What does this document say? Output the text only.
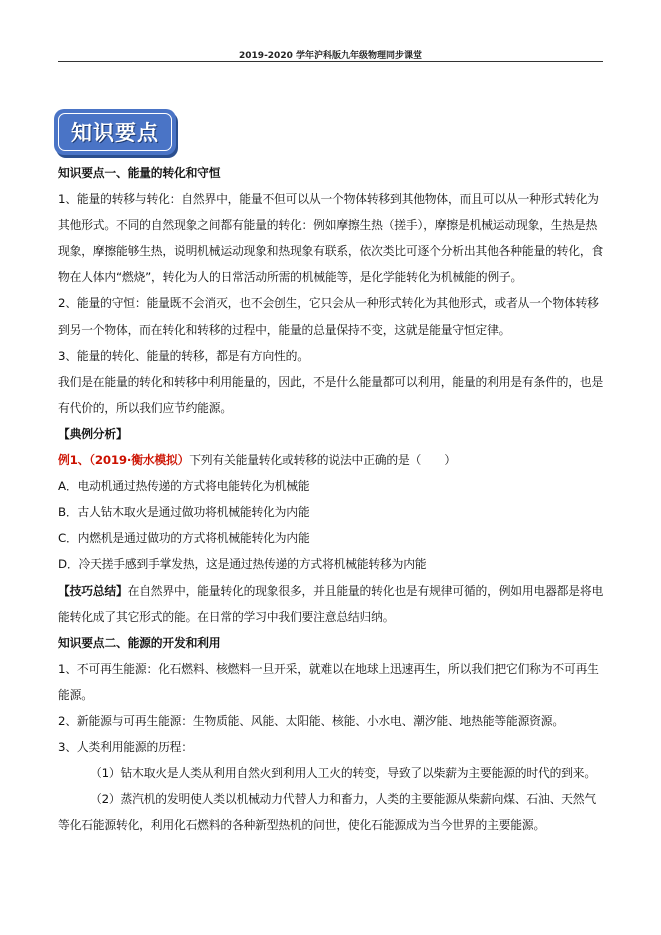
2019-2020 学年沪科版九年级物理同步课堂
知识要点

知识要点一、能量的转化和守恒

1、能量的转移与转化：自然界中，能量不但可以从一个物体转移到其他物体，而且可以从一种形式转化为其他形式。不同的自然现象之间都有能量的转化：例如摩擦生热（搓手），摩擦是机械运动现象，生热是热现象，摩擦能够生热，说明机械运动现象和热现象有联系，依次类比可逐个分析出其他各种能量的转化，食物在人体内“燃烧”，转化为人的日常活动所需的机械能等，是化学能转化为机械能的例子。

2、能量的守恒：能量既不会消灭，也不会创生，它只会从一种形式转化为其他形式，或者从一个物体转移到另一个物体，而在转化和转移的过程中，能量的总量保持不变，这就是能量守恒定律。

3、能量的转化、能量的转移，都是有方向性的。

我们是在能量的转化和转移中利用能量的，因此，不是什么能量都可以利用，能量的利用是有条件的，也是有代价的，所以我们应节约能源。

【典例分析】

例1、（2019·衡水模拟）下列有关能量转化或转移的说法中正确的是（　　）

A．电动机通过热传递的方式将电能转化为机械能

B．古人钻木取火是通过做功将机械能转化为内能

C．内燃机是通过做功的方式将机械能转化为内能

D．冷天搓手感到手掌发热，这是通过热传递的方式将机械能转移为内能

【技巧总结】在自然界中，能量转化的现象很多，并且能量的转化也是有规律可循的，例如用电器都是将电能转化成了其它形式的能。在日常的学习中我们要注意总结归纳。

知识要点二、能源的开发和利用

1、不可再生能源：化石燃料、核燃料一旦开采，就难以在地球上迅速再生，所以我们把它们称为不可再生能源。

2、新能源与可再生能源：生物质能、风能、太阳能、核能、小水电、潮汐能、地热能等能源资源。

3、人类利用能源的历程：

（1）钻木取火是人类从利用自然火到利用人工火的转变，导致了以柴薪为主要能源的时代的到来。

（2）蒸汽机的发明使人类以机械动力代替人力和畜力，人类的主要能源从柴薪向煤、石油、天然气等化石能源转化，利用化石燃料的各种新型热机的问世，使化石能源成为当今世界的主要能源。
